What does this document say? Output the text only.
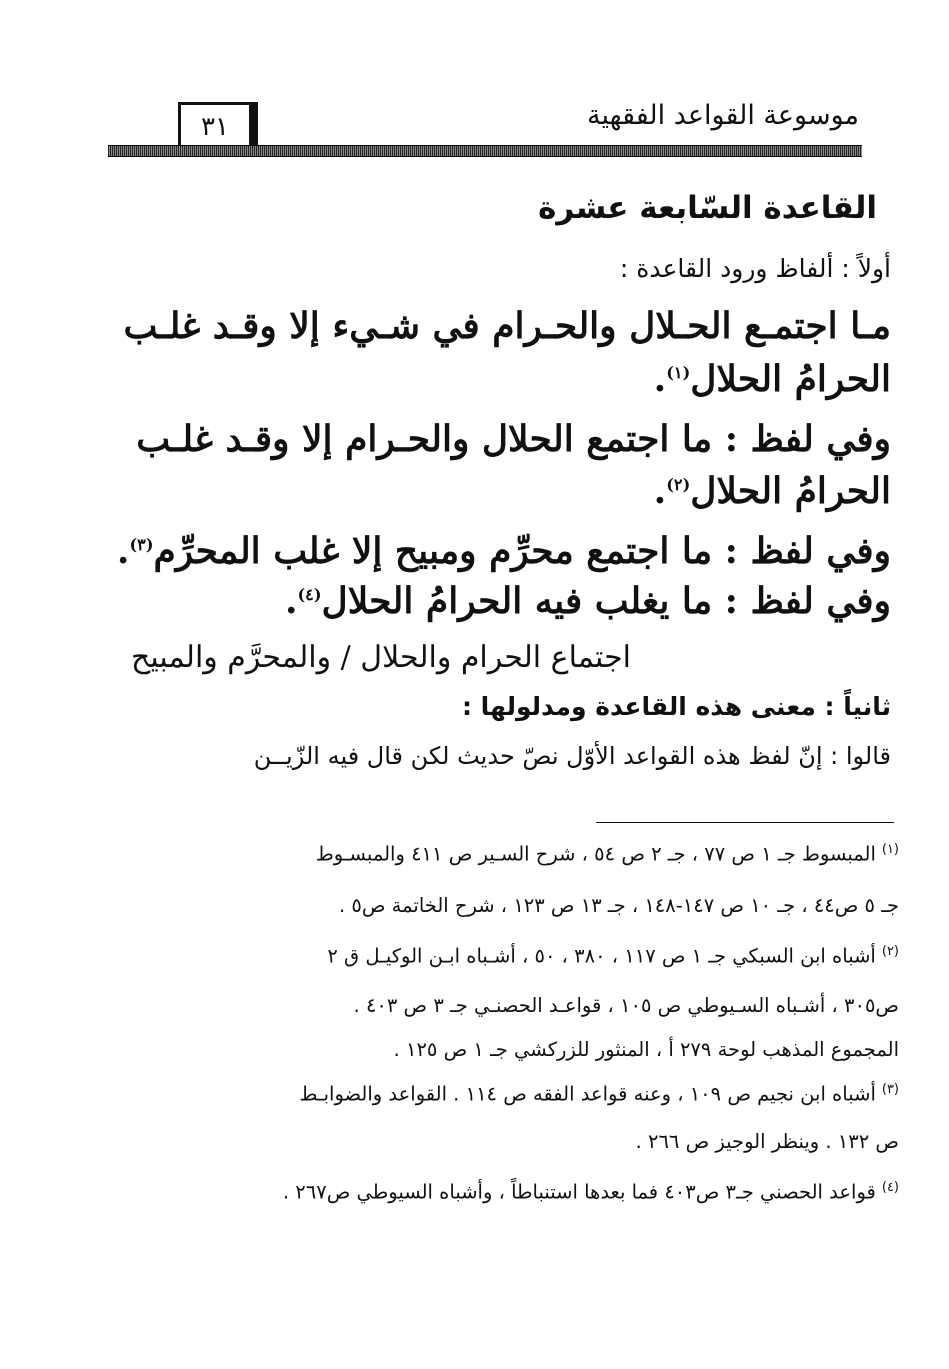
موسوعة القواعد الفقهية
٣١
القاعدة السّابعة عشرة
أولاً : ألفاظ ورود القاعدة :
مـا اجتمـع الحـلال والحـرام في شـيء إلا وقـد غلـب
الحرامُ الحلال$^{(١)}$.
وفي لفظ : ما اجتمع الحلال والحـرام إلا وقـد غلـب
الحرامُ الحلال$^{(٢)}$.
وفي لفظ : ما اجتمع محرِّم ومبيح إلا غلب المحرِّم$^{(٣)}$.
وفي لفظ : ما يغلب فيه الحرامُ الحلال$^{(٤)}$.
اجتماع الحرام والحلال / والمحرَّم والمبيح
ثانياً : معنى هذه القاعدة ومدلولها :
قالوا : إنّ لفظ هذه القواعد الأوّل نصّ حديث لكن قال فيه الزّيــن
$^{(١)}$المبسوط جـ ١ ص ٧٧ ، جـ ٢ ص ٥٤ ، شرح السـير ص ٤١١ والمبسـوط
جـ ٥ ص٤٤ ، جـ ١٠ ص ١٤٧-١٤٨ ، جـ ١٣ ص ١٢٣ ، شرح الخاتمة ص٥ .
$^{(٢)}$أشباه ابن السبكي جـ ١ ص ١١٧ ، ٣٨٠ ، ٥٠ ، أشـباه ابـن الوكيـل ق ٢
ص٣٠٥ ، أشـباه السـيوطي ص ١٠٥ ، قواعـد الحصنـي جـ ٣ ص ٤٠٣ .
المجموع المذهب لوحة ٢٧٩ أ ، المنثور للزركشي جـ ١ ص ١٢٥ .
$^{(٣)}$أشباه ابن نجيم ص ١٠٩ ، وعنه قواعد الفقه ص ١١٤ . القواعد والضوابـط
ص ١٣٢ . وينظر الوجيز ص ٢٦٦ .
$^{(٤)}$قواعد الحصني جـ٣ ص٤٠٣ فما بعدها استنباطاً ، وأشباه السيوطي ص٢٦٧ .
